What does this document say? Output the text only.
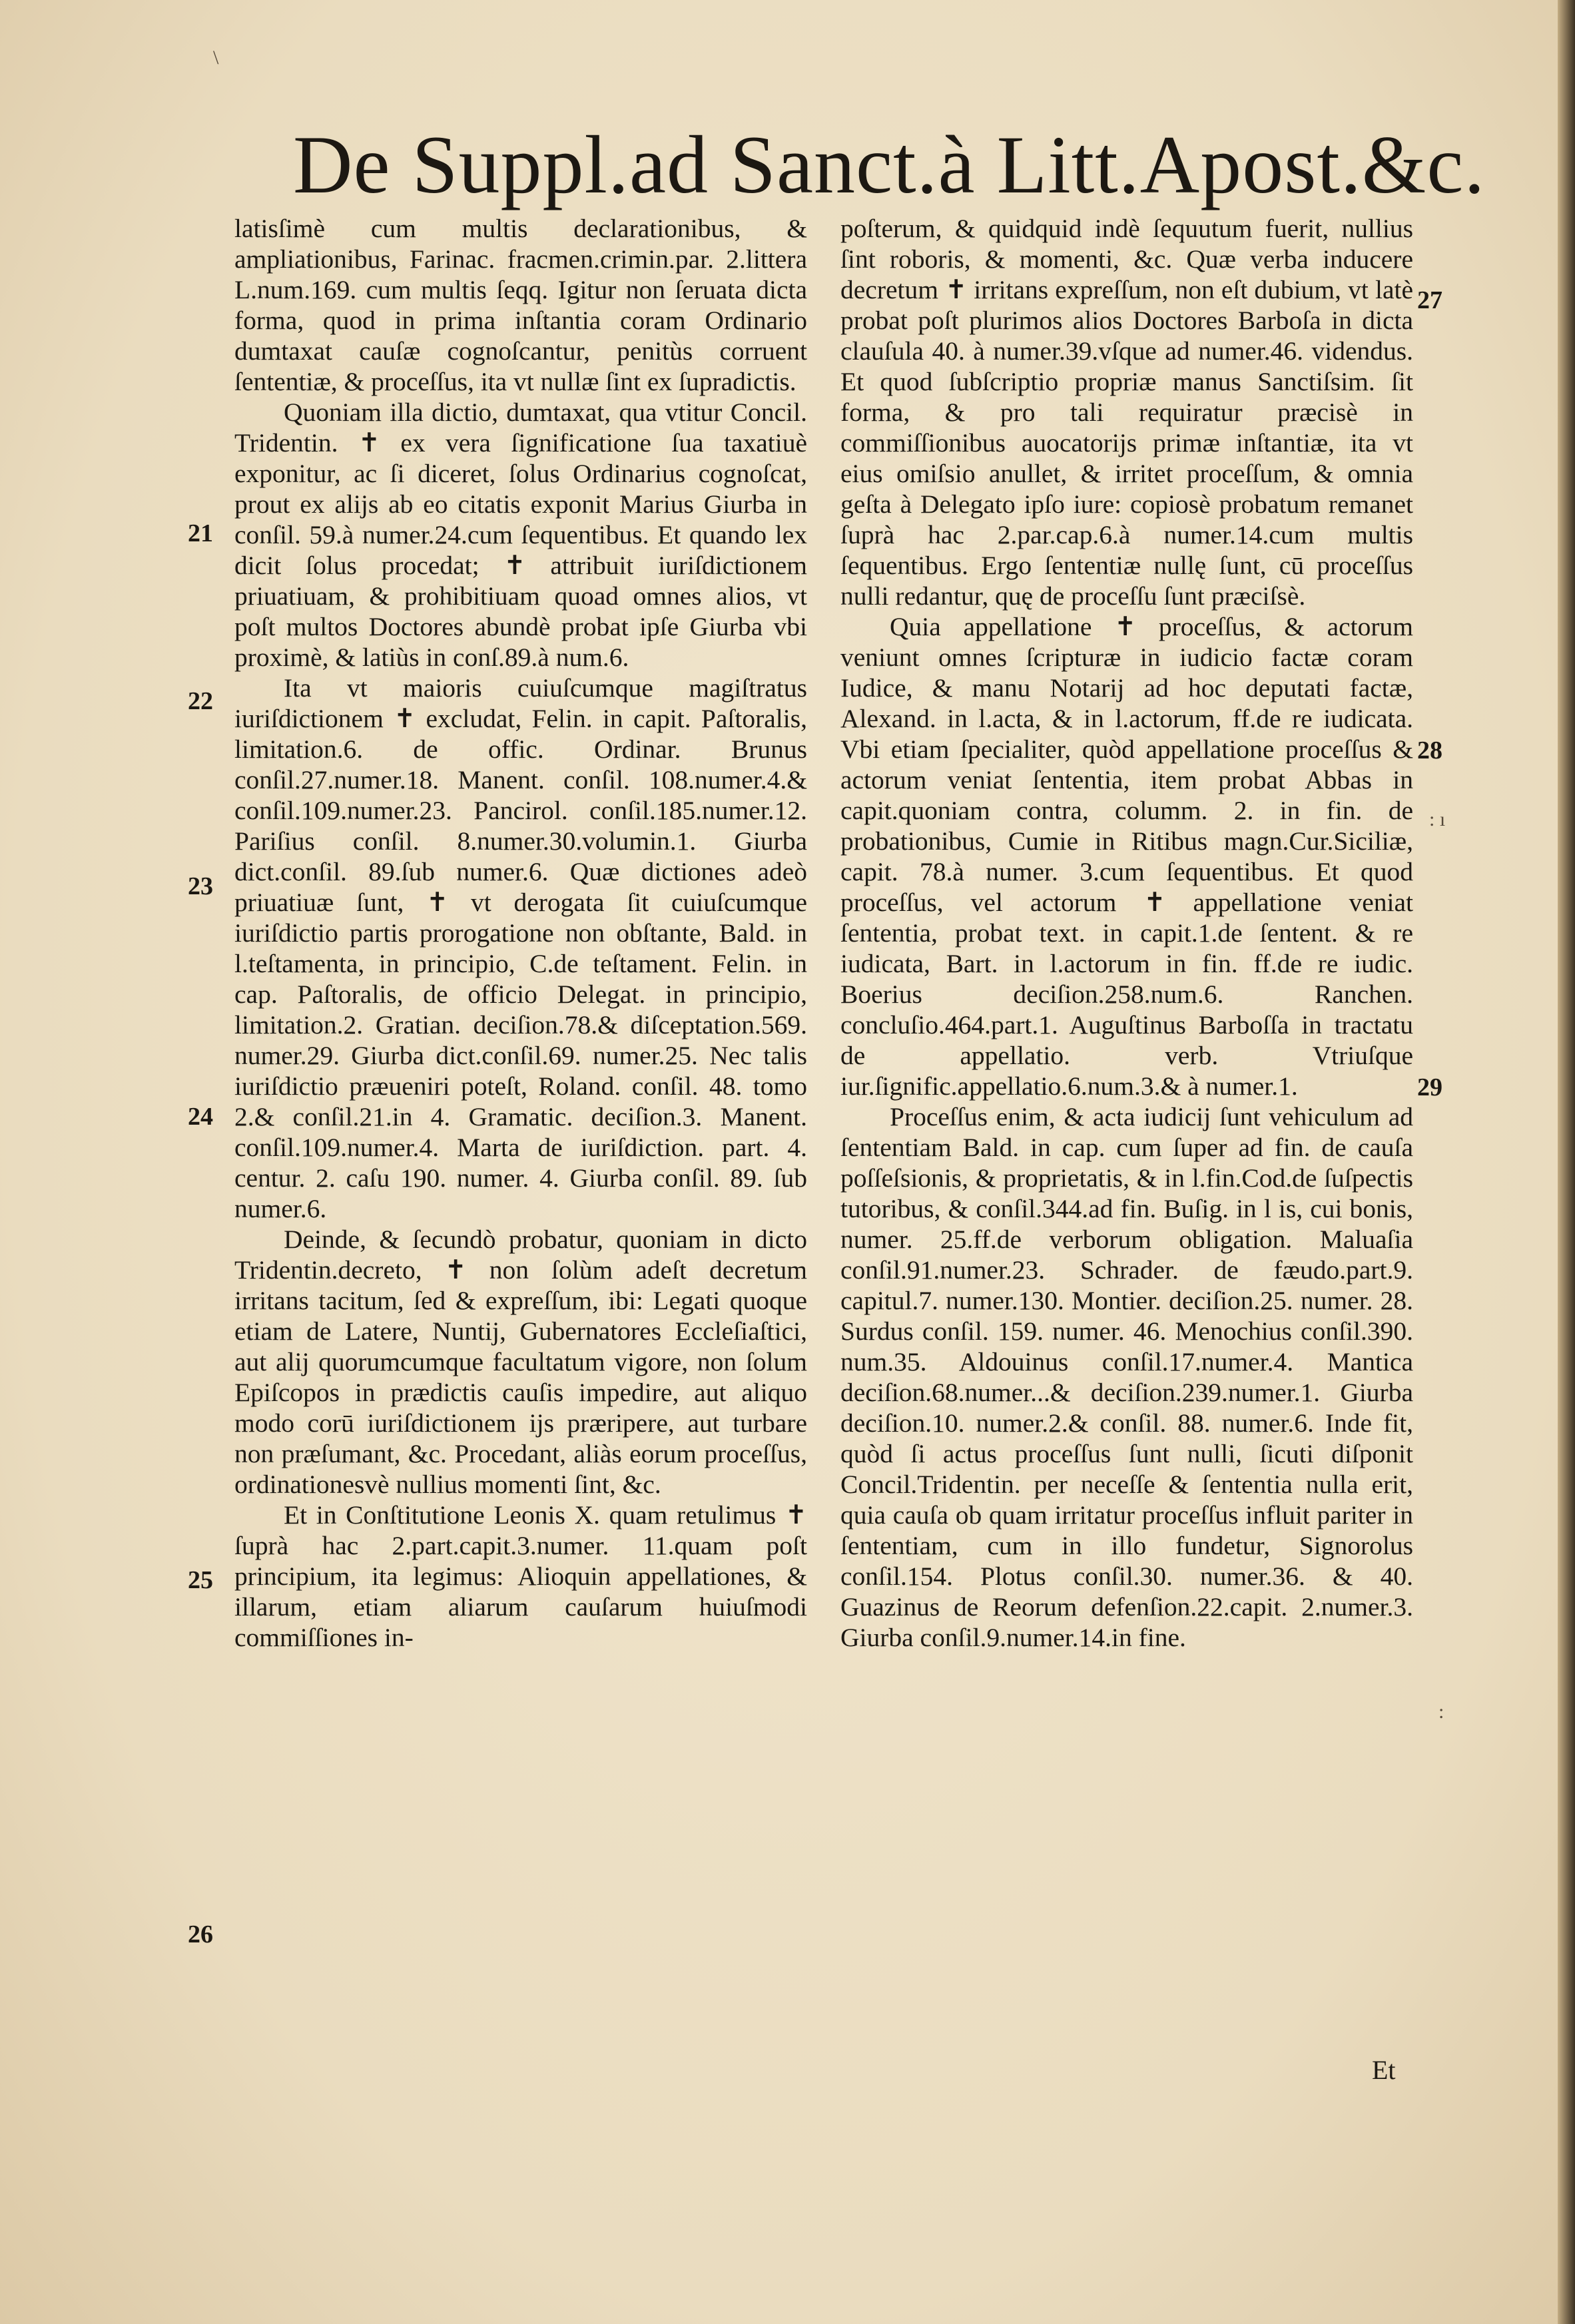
De Suppl.ad Sanct.à Litt.Apost.&c.

latisſimè cum multis declarationibus, & ampliationibus, Farinac. fracmen.crimin.par. 2.littera L.num.169. cum multis ſeqq. Igitur non ſeruata dicta forma, quod in prima inſtantia coram Ordinario dumtaxat cauſæ cognoſcantur, penitùs corruent ſententiæ, & proceſſus, ita vt nullæ ſint ex ſupradictis.

Quoniam illa dictio, dumtaxat, qua vtitur Concil. Tridentin. ✝ ex vera ſignificatione ſua taxatiuè exponitur, ac ſi diceret, ſolus Ordinarius cognoſcat, prout ex alijs ab eo citatis exponit Marius Giurba in conſil. 59.à numer.24.cum ſequentibus. Et quando lex dicit ſolus procedat; ✝ attribuit iuriſdictionem priuatiuam, & prohibitiuam quoad omnes alios, vt poſt multos Doctores abundè probat ipſe Giurba vbi proximè, & latiùs in conſ.89.à num.6.

Ita vt maioris cuiuſcumque magiſtratus iuriſdictionem ✝ excludat, Felin. in capit. Paſtoralis, limitation.6. de offic. Ordinar. Brunus conſil.27.numer.18. Manent. conſil. 108.numer.4.& conſil.109.numer.23. Pancirol. conſil.185.numer.12. Pariſius conſil. 8.numer.30.volumin.1. Giurba dict.conſil. 89.ſub numer.6. Quæ dictiones adeò priuatiuæ ſunt, ✝ vt derogata ſit cuiuſcumque iuriſdictio partis prorogatione non obſtante, Bald. in l.teſtamenta, in principio, C.de teſtament. Felin. in cap. Paſtoralis, de officio Delegat. in principio, limitation.2. Gratian. deciſion.78.& diſceptation.569. numer.29. Giurba dict.conſil.69. numer.25. Nec talis iuriſdictio præueniri poteſt, Roland. conſil. 48. tomo 2.& conſil.21.in 4. Gramatic. deciſion.3. Manent. conſil.109.numer.4. Marta de iuriſdiction. part. 4. centur. 2. caſu 190. numer. 4. Giurba conſil. 89. ſub numer.6.

Deinde, & ſecundò probatur, quoniam in dicto Tridentin.decreto, ✝ non ſolùm adeſt decretum irritans tacitum, ſed & expreſſum, ibi: Legati quoque etiam de Latere, Nuntij, Gubernatores Eccleſiaſtici, aut alij quorumcumque facultatum vigore, non ſolum Epiſcopos in prædictis cauſis impedire, aut aliquo modo corū iuriſdictionem ijs præripere, aut turbare non præſumant, &c. Procedant, aliàs eorum proceſſus, ordinationesvè nullius momenti ſint, &c.

Et in Conſtitutione Leonis X. quam retulimus ✝ ſuprà hac 2.part.capit.3.numer. 11.quam poſt principium, ita legimus: Alioquin appellationes, & illarum, etiam aliarum cauſarum huiuſmodi commiſſiones in-

poſterum, & quidquid indè ſequutum fuerit, nullius ſint roboris, & momenti, &c. Quæ verba inducere decretum ✝ irritans expreſſum, non eſt dubium, vt latè probat poſt plurimos alios Doctores Barboſa in dicta clauſula 40. à numer.39.vſque ad numer.46. videndus. Et quod ſubſcriptio propriæ manus Sanctiſsim. ſit forma, & pro tali requiratur præcisè in commiſſionibus auocatorijs primæ inſtantiæ, ita vt eius omiſsio anullet, & irritet proceſſum, & omnia geſta à Delegato ipſo iure: copiosè probatum remanet ſuprà hac 2.par.cap.6.à numer.14.cum multis ſequentibus. Ergo ſententiæ nullę ſunt, cū proceſſus nulli redantur, quę de proceſſu ſunt præciſsè.

Quia appellatione ✝ proceſſus, & actorum veniunt omnes ſcripturæ in iudicio factæ coram Iudice, & manu Notarij ad hoc deputati factæ, Alexand. in l.acta, & in l.actorum, ff.de re iudicata. Vbi etiam ſpecialiter, quòd appellatione proceſſus & actorum veniat ſententia, item probat Abbas in capit.quoniam contra, columm. 2. in fin. de probationibus, Cumie in Ritibus magn.Cur.Siciliæ, capit. 78.à numer. 3.cum ſequentibus. Et quod proceſſus, vel actorum ✝ appellatione veniat ſententia, probat text. in capit.1.de ſentent. & re iudicata, Bart. in l.actorum in fin. ff.de re iudic. Boerius deciſion.258.num.6. Ranchen. concluſio.464.part.1. Auguſtinus Barboſſa in tractatu de appellatio. verb. Vtriuſque iur.ſignific.appellatio.6.num.3.& à numer.1.

Proceſſus enim, & acta iudicij ſunt vehiculum ad ſententiam Bald. in cap. cum ſuper ad fin. de cauſa poſſeſsionis, & proprietatis, & in l.fin.Cod.de ſuſpectis tutoribus, & conſil.344.ad fin. Buſig. in l is, cui bonis, numer. 25.ff.de verborum obligation. Maluaſia conſil.91.numer.23. Schrader. de fæudo.part.9. capitul.7. numer.130. Montier. deciſion.25. numer. 28. Surdus conſil. 159. numer. 46. Menochius conſil.390. num.35. Aldouinus conſil.17.numer.4. Mantica deciſion.68.numer...& deciſion.239.numer.1. Giurba deciſion.10. numer.2.& conſil. 88. numer.6. Inde fit, quòd ſi actus proceſſus ſunt nulli, ſicuti diſponit Concil.Tridentin. per neceſſe & ſententia nulla erit, quia cauſa ob quam irritatur proceſſus influit pariter in ſententiam, cum in illo fundetur, Signorolus conſil.154. Plotus conſil.30. numer.36. & 40. Guazinus de Reorum defenſion.22.capit. 2.numer.3. Giurba conſil.9.numer.14.in fine.

21
22
23
24
25
26
27
28
29
\
: ı
:
Et
